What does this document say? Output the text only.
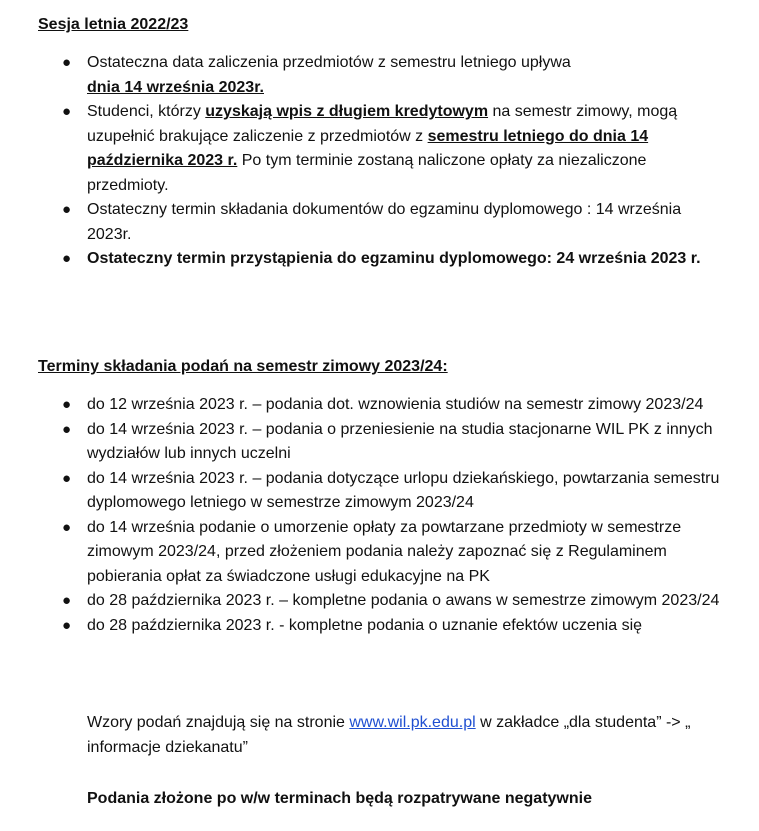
Sesja letnia 2022/23

● Ostateczna data zaliczenia przedmiotów z semestru letniego upływa
dnia 14 września 2023r.
● Studenci, którzy uzyskają wpis z długiem kredytowym na semestr zimowy, mogą uzupełnić brakujące zaliczenie z przedmiotów z semestru letniego do dnia 14 października 2023 r. Po tym terminie zostaną naliczone opłaty za niezaliczone przedmioty.
● Ostateczny termin składania dokumentów do egzaminu dyplomowego : 14 września 2023r.
● Ostateczny termin przystąpienia do egzaminu dyplomowego: 24 września 2023 r.

Terminy składania podań na semestr zimowy 2023/24:

● do 12 września 2023 r. – podania dot. wznowienia studiów na semestr zimowy 2023/24
● do 14 września 2023 r. – podania o przeniesienie na studia stacjonarne WIL PK z innych wydziałów lub innych uczelni
● do 14 września 2023 r. – podania dotyczące urlopu dziekańskiego, powtarzania semestru dyplomowego letniego w semestrze zimowym 2023/24
● do 14 września podanie o umorzenie opłaty za powtarzane przedmioty w semestrze zimowym 2023/24, przed złożeniem podania należy zapoznać się z Regulaminem pobierania opłat za świadczone usługi edukacyjne na PK
● do 28 października 2023 r. – kompletne podania o awans w semestrze zimowym 2023/24
● do 28 października 2023 r. - kompletne podania o uznanie efektów uczenia się

Wzory podań znajdują się na stronie www.wil.pk.edu.pl w zakładce „dla studenta” -> „ informacje dziekanatu”

Podania złożone po w/w terminach będą rozpatrywane negatywnie
